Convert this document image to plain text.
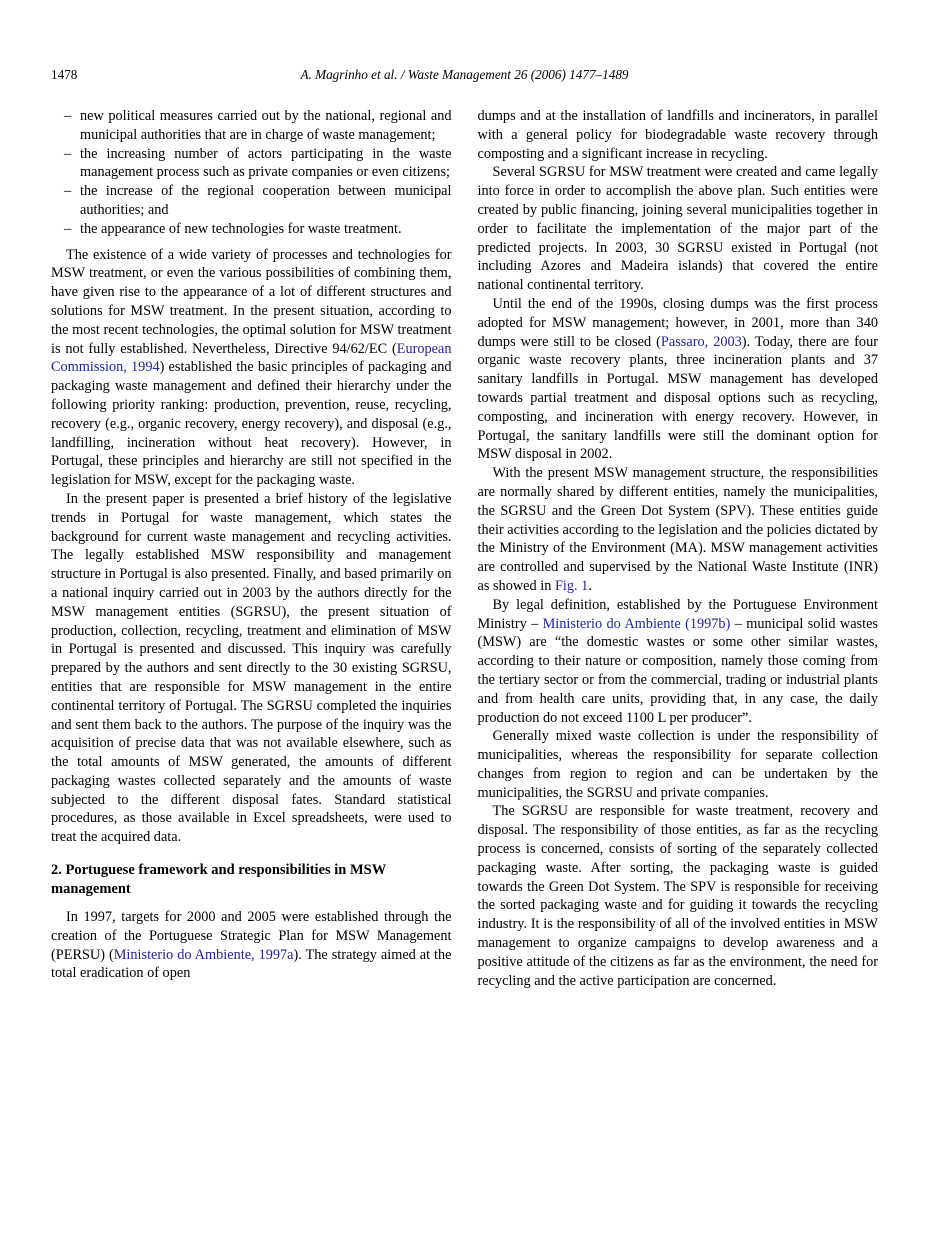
1478	A. Magrinho et al. / Waste Management 26 (2006) 1477–1489
– new political measures carried out by the national, regional and municipal authorities that are in charge of waste management;
– the increasing number of actors participating in the waste management process such as private companies or even citizens;
– the increase of the regional cooperation between municipal authorities; and
– the appearance of new technologies for waste treatment.

The existence of a wide variety of processes and technologies for MSW treatment, or even the various possibilities of combining them, have given rise to the appearance of a lot of different structures and solutions for MSW treatment. In the present situation, according to the most recent technologies, the optimal solution for MSW treatment is not fully established. Nevertheless, Directive 94/62/EC (European Commission, 1994) established the basic principles of packaging and packaging waste management and defined their hierarchy under the following priority ranking: production, prevention, reuse, recycling, recovery (e.g., organic recovery, energy recovery), and disposal (e.g., landfilling, incineration without heat recovery). However, in Portugal, these principles and hierarchy are still not specified in the legislation for MSW, except for the packaging waste.

In the present paper is presented a brief history of the legislative trends in Portugal for waste management, which states the background for current waste management and recycling activities. The legally established MSW responsibility and management structure in Portugal is also presented. Finally, and based primarily on a national inquiry carried out in 2003 by the authors directly for the MSW management entities (SGRSU), the present situation of production, collection, recycling, treatment and elimination of MSW in Portugal is presented and discussed. This inquiry was carefully prepared by the authors and sent directly to the 30 existing SGRSU, entities that are responsible for MSW management in the entire continental territory of Portugal. The SGRSU completed the inquiries and sent them back to the authors. The purpose of the inquiry was the acquisition of precise data that was not available elsewhere, such as the total amounts of MSW generated, the amounts of different packaging wastes collected separately and the amounts of waste subjected to the different disposal fates. Standard statistical procedures, as those available in Excel spreadsheets, were used to treat the acquired data.

2. Portuguese framework and responsibilities in MSW management

In 1997, targets for 2000 and 2005 were established through the creation of the Portuguese Strategic Plan for MSW Management (PERSU) (Ministerio do Ambiente, 1997a). The strategy aimed at the total eradication of open

dumps and at the installation of landfills and incinerators, in parallel with a general policy for biodegradable waste recovery through composting and a significant increase in recycling.

Several SGRSU for MSW treatment were created and came legally into force in order to accomplish the above plan. Such entities were created by public financing, joining several municipalities together in order to facilitate the implementation of the major part of the predicted projects. In 2003, 30 SGRSU existed in Portugal (not including Azores and Madeira islands) that covered the entire national continental territory.

Until the end of the 1990s, closing dumps was the first process adopted for MSW management; however, in 2001, more than 340 dumps were still to be closed (Passaro, 2003). Today, there are four organic waste recovery plants, three incineration plants and 37 sanitary landfills in Portugal. MSW management has developed towards partial treatment and disposal options such as recycling, composting, and incineration with energy recovery. However, in Portugal, the sanitary landfills were still the dominant option for MSW disposal in 2002.

With the present MSW management structure, the responsibilities are normally shared by different entities, namely the municipalities, the SGRSU and the Green Dot System (SPV). These entities guide their activities according to the legislation and the policies dictated by the Ministry of the Environment (MA). MSW management activities are controlled and supervised by the National Waste Institute (INR) as showed in Fig. 1.

By legal definition, established by the Portuguese Environment Ministry – Ministerio do Ambiente (1997b) – municipal solid wastes (MSW) are “the domestic wastes or some other similar wastes, according to their nature or composition, namely those coming from the tertiary sector or from the commercial, trading or industrial plants and from health care units, providing that, in any case, the daily production do not exceed 1100 L per producer”.

Generally mixed waste collection is under the responsibility of municipalities, whereas the responsibility for separate collection changes from region to region and can be undertaken by the municipalities, the SGRSU and private companies.

The SGRSU are responsible for waste treatment, recovery and disposal. The responsibility of those entities, as far as the recycling process is concerned, consists of sorting of the separately collected packaging waste. After sorting, the packaging waste is guided towards the Green Dot System. The SPV is responsible for receiving the sorted packaging waste and for guiding it towards the recycling industry. It is the responsibility of all of the involved entities in MSW management to organize campaigns to develop awareness and a positive attitude of the citizens as far as the environment, the need for recycling and the active participation are concerned.
